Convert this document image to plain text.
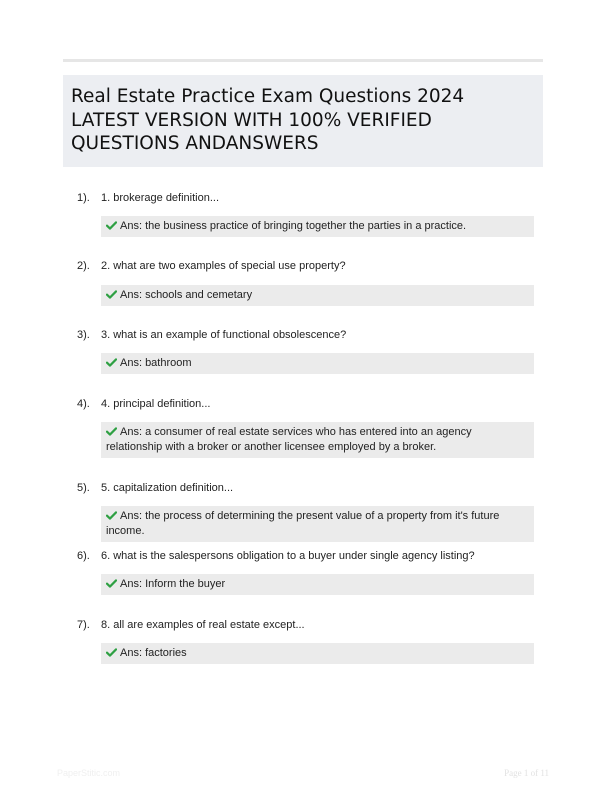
Real Estate Practice Exam Questions 2024 LATEST VERSION WITH 100% VERIFIED QUESTIONS ANDANSWERS
1). 1. brokerage definition...
Ans: the business practice of bringing together the parties in a practice.
2). 2. what are two examples of special use property?
Ans: schools and cemetary
3). 3. what is an example of functional obsolescence?
Ans: bathroom
4). 4. principal definition...
Ans: a consumer of real estate services who has entered into an agency relationship with a broker or another licensee employed by a broker.
5). 5. capitalization definition...
Ans: the process of determining the present value of a property from it's future income.
6). 6. what is the salespersons obligation to a buyer under single agency listing?
Ans: Inform the buyer
7). 8. all are examples of real estate except...
Ans: factories
PaperStitic.com	Page 1 of 11
